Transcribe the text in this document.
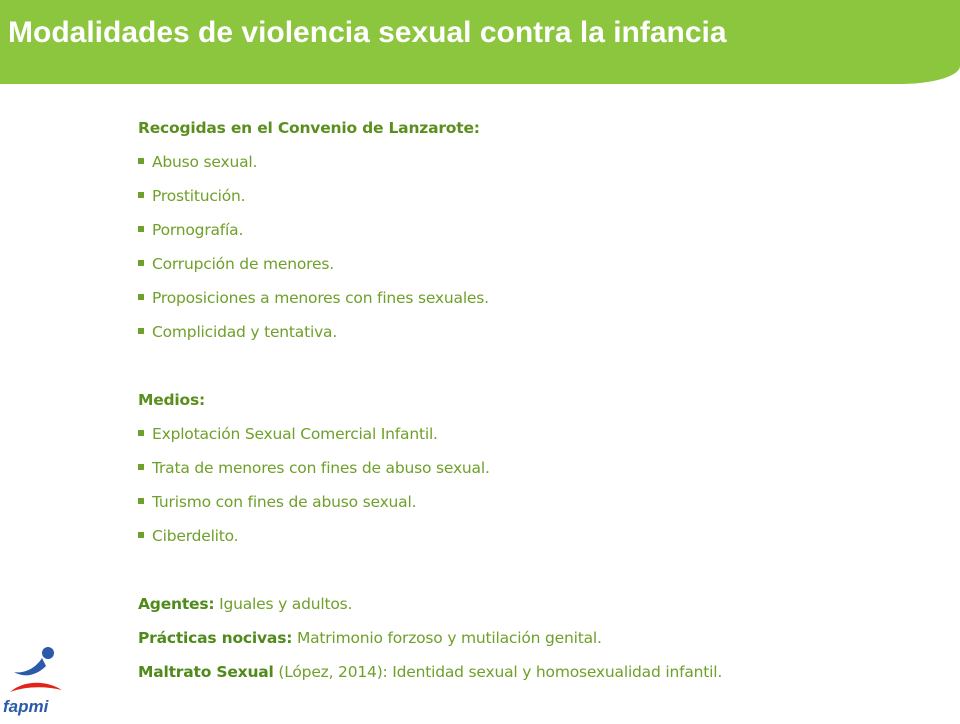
Modalidades de violencia sexual contra la infancia
Recogidas en el Convenio de Lanzarote:
Abuso sexual.
Prostitución.
Pornografía.
Corrupción de menores.
Proposiciones a menores con fines sexuales.
Complicidad y tentativa.
Medios:
Explotación Sexual Comercial Infantil.
Trata de menores con fines de abuso sexual.
Turismo con fines de abuso sexual.
Ciberdelito.
Agentes: Iguales y adultos.
Prácticas nocivas: Matrimonio forzoso y mutilación genital.
Maltrato Sexual (López, 2014): Identidad sexual y homosexualidad infantil.
fapmi
